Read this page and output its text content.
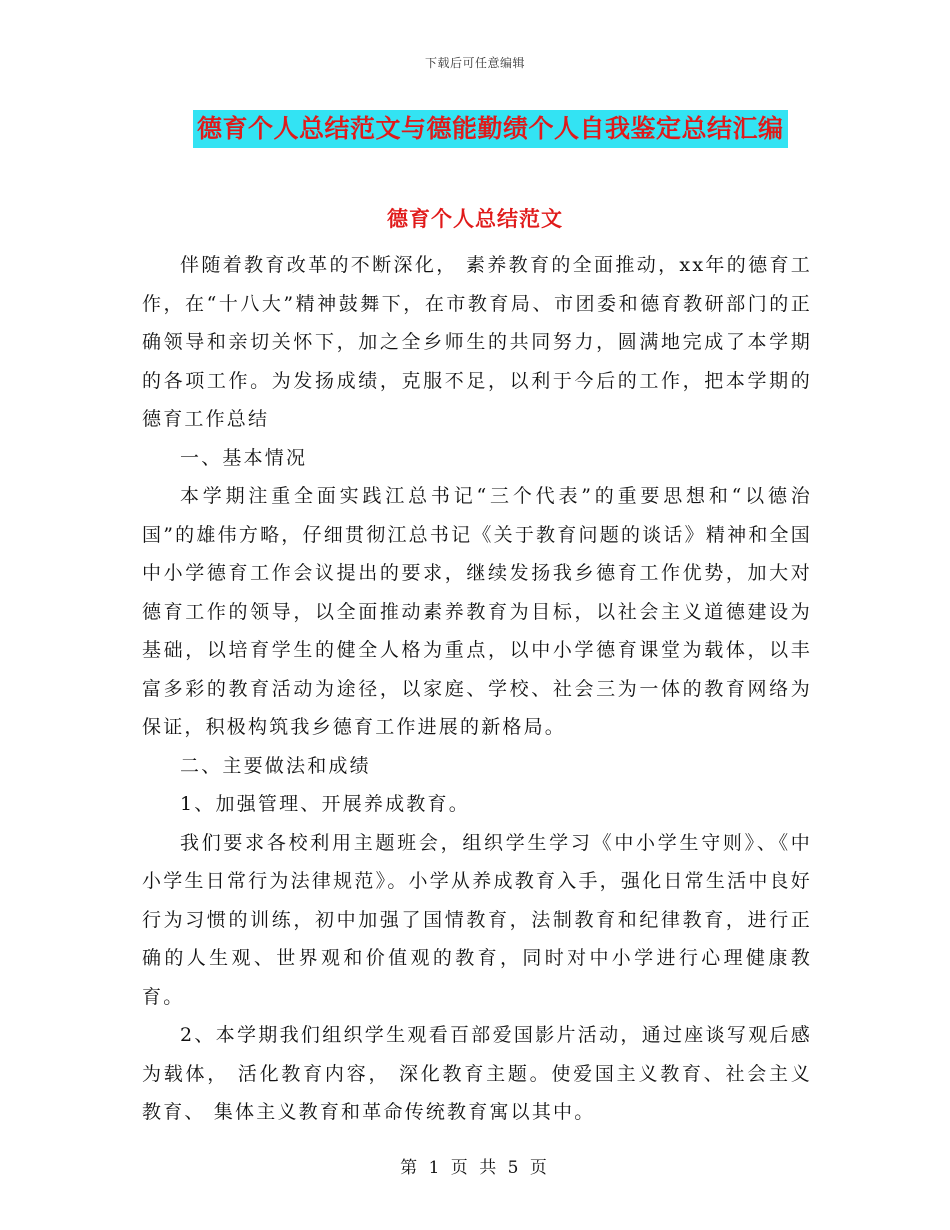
下载后可任意编辑
德育个人总结范文与德能勤绩个人自我鉴定总结汇编
德育个人总结范文

伴随着教育改革的不断深化， 素养教育的全面推动，xx年的德育工作，在“十八大”精神鼓舞下，在市教育局、市团委和德育教研部门的正确领导和亲切关怀下，加之全乡师生的共同努力，圆满地完成了本学期的各项工作。为发扬成绩，克服不足，以利于今后的工作，把本学期的德育工作总结

一、基本情况

本学期注重全面实践江总书记“三个代表”的重要思想和“以德治国”的雄伟方略，仔细贯彻江总书记《关于教育问题的谈话》精神和全国中小学德育工作会议提出的要求，继续发扬我乡德育工作优势，加大对德育工作的领导，以全面推动素养教育为目标，以社会主义道德建设为基础，以培育学生的健全人格为重点，以中小学德育课堂为载体，以丰富多彩的教育活动为途径，以家庭、学校、社会三为一体的教育网络为保证，积极构筑我乡德育工作进展的新格局。

二、主要做法和成绩

1、加强管理、开展养成教育。

我们要求各校利用主题班会，组织学生学习《中小学生守则》、《中小学生日常行为法律规范》。小学从养成教育入手，强化日常生活中良好行为习惯的训练，初中加强了国情教育，法制教育和纪律教育，进行正确的人生观、世界观和价值观的教育，同时对中小学进行心理健康教育。

2、本学期我们组织学生观看百部爱国影片活动，通过座谈写观后感为载体， 活化教育内容， 深化教育主题。使爱国主义教育、社会主义教育、 集体主义教育和革命传统教育寓以其中。

第 1 页 共 5 页
